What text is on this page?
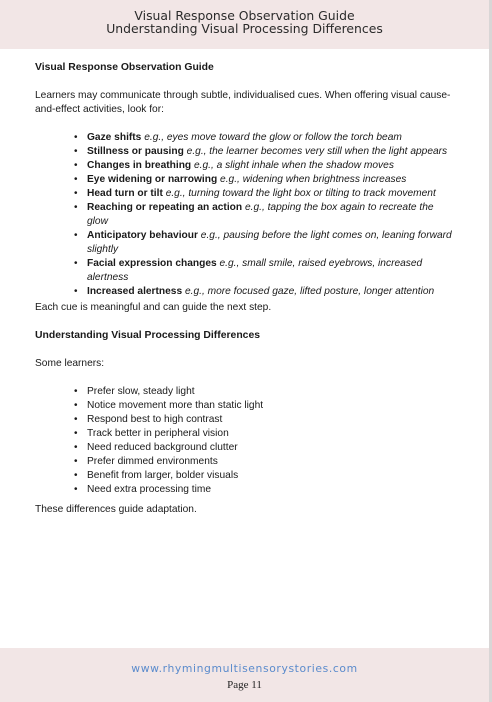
Visual Response Observation Guide
Understanding Visual Processing Differences

Visual Response Observation Guide

Learners may communicate through subtle, individualised cues. When offering visual cause-and-effect activities, look for:

• Gaze shifts e.g., eyes move toward the glow or follow the torch beam
• Stillness or pausing e.g., the learner becomes very still when the light appears
• Changes in breathing e.g., a slight inhale when the shadow moves
• Eye widening or narrowing e.g., widening when brightness increases
• Head turn or tilt e.g., turning toward the light box or tilting to track movement
• Reaching or repeating an action e.g., tapping the box again to recreate the glow
• Anticipatory behaviour e.g., pausing before the light comes on, leaning forward slightly
• Facial expression changes e.g., small smile, raised eyebrows, increased alertness
• Increased alertness e.g., more focused gaze, lifted posture, longer attention

Each cue is meaningful and can guide the next step.

Understanding Visual Processing Differences

Some learners:

• Prefer slow, steady light
• Notice movement more than static light
• Respond best to high contrast
• Track better in peripheral vision
• Need reduced background clutter
• Prefer dimmed environments
• Benefit from larger, bolder visuals
• Need extra processing time

These differences guide adaptation.

www.rhymingmultisensorystories.com
Page 11
